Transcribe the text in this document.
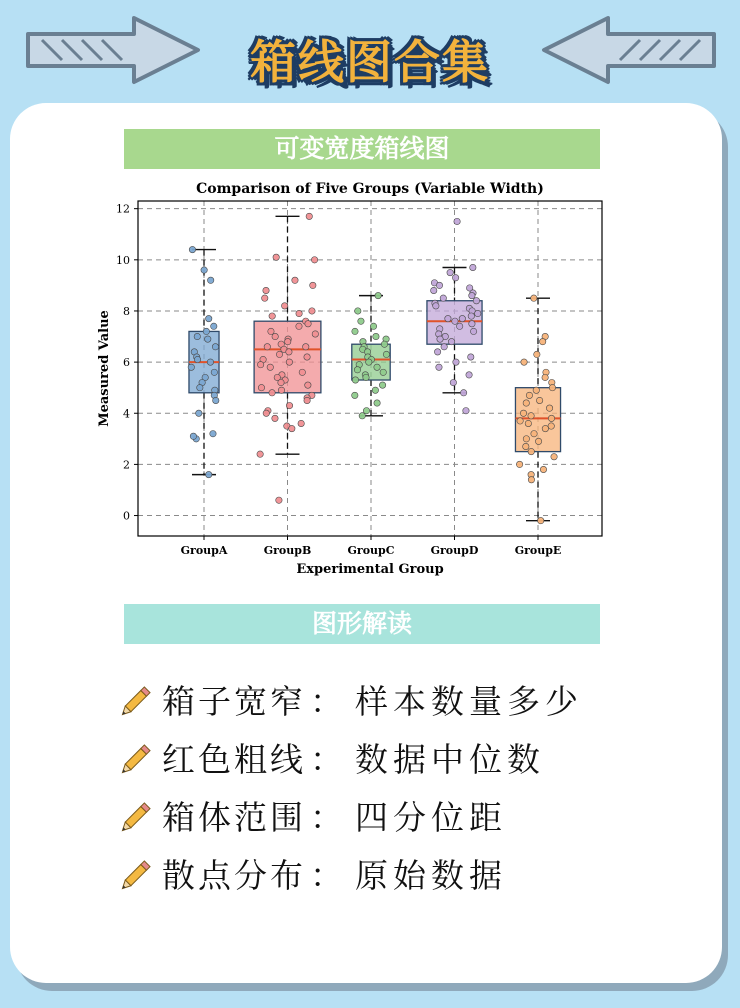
箱线图合集
可变宽度箱线图
Comparison of Five Groups (Variable Width)
0
2
4
6
8
10
12
GroupA	GroupB	GroupC	GroupD	GroupE
Experimental Group
Measured Value
图形解读
箱子宽窄 ： 样本数量多少
红色粗线 ： 数据中位数
箱体范围 ： 四分位距
散点分布 ： 原始数据
